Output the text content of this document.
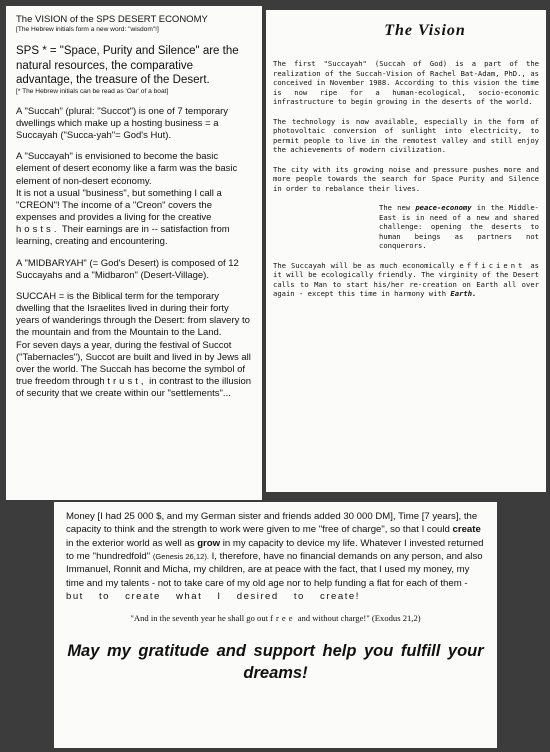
The VISION of the SPS DESERT ECONOMY

[The Hebrew initials form a new word: "wisdom"!]

SPS * = "Space, Purity and Silence" are the natural resources, the comparative advantage, the treasure of the Desert.

[* The Hebrew initials can be read as 'Oar' of a boat]

A "Succah" (plural: "Succot") is one of 7 temporary dwellings which make up a hosting business = a Succayah ("Succa-yah"= God's Hut).

A "Succayah" is envisioned to become the basic element of desert economy like a farm was the basic element of non-desert economy.

It is not a usual "business", but something I call a "CREON"! The income of a "Creon" covers the expenses and provides a living for the creative hosts. Their earnings are in -- satisfaction from learning, creating and encountering.

A "MIDBARYAH" (= God's Desert) is composed of 12 Succayahs and a "Midbaron" (Desert-Village).

SUCCAH = is the Biblical term for the temporary dwelling that the Israelites lived in during their forty years of wanderings through the Desert: from slavery to the mountain and from the Mountain to the Land.

For seven days a year, during the festival of Succot ("Tabernacles"), Succot are built and lived in by Jews all over the world. The Succah has become the symbol of true freedom through trust, in contrast to the illusion of security that we create within our "settlements"...

The Vision

The first "Succayah" (Succah of God) is a part of the realization of the Succah-Vision of Rachel Bat-Adam, PhD., as conceived in November 1988. According to this vision the time is now ripe for a human-ecological, socio-economic infrastructure to begin growing in the deserts of the world.

The technology is now available, especially in the form of photovoltaic conversion of sunlight into electricity, to permit people to live in the remotest valley and still enjoy the achievements of modern civilization.

The city with its growing noise and pressure pushes more and more people towards the search for Space Purity and Silence in order to rebalance their lives.

The new peace-economy in the Middle-East is in need of a new and shared challenge: opening the deserts to human beings as partners not conquerors.

The Succayah will be as much economically efficient as it will be ecologically friendly. The virginity of the Desert calls to Man to start his/her re-creation on Earth all over again - except this time in harmony with Earth.

Money [I had 25 000 $, and my German sister and friends added 30 000 DM], Time [7 years], the capacity to think and the strength to work were given to me "free of charge", so that I could create in the exterior world as well as grow in my capacity to device my life. Whatever I invested returned to me "hundredfold" (Genesis 26,12). I, therefore, have no financial demands on any person, and also Immanuel, Ronnit and Micha, my children, are at peace with the fact, that I used my money, my time and my talents - not to take care of my old age nor to help funding a flat for each of them -

but to create what I desired to create!

"And in the seventh year he shall go out free and without charge!" (Exodus 21,2)

May my gratitude and support help you fulfill your dreams!
